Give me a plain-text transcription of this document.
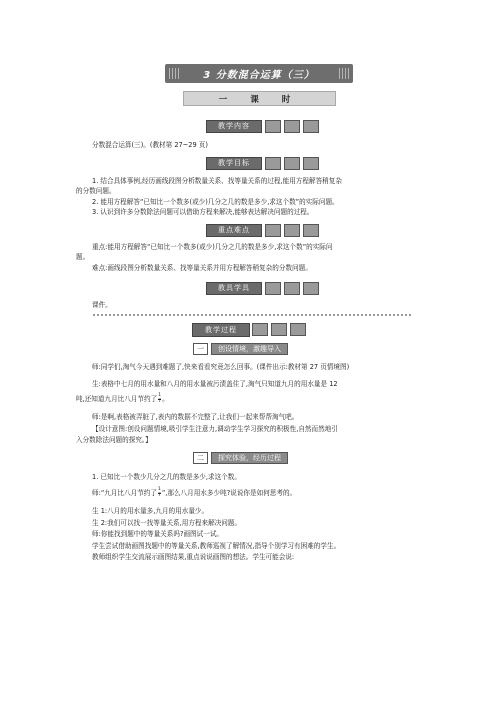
3 分数混合运算（三）
一 课 时
教学内容
分数混合运算(三)。(教材第 27~29 页)
教学目标
1. 结合具体事例,经历画线段图分析数量关系、找等量关系的过程,能用方程解答稍复杂
的分数问题。
2. 能用方程解答“已知比一个数多(或少)几分之几的数是多少,求这个数”的实际问题。
3. 认识到许多分数除法问题可以借助方程来解决,能够表达解决问题的过程。
重点难点
重点:能用方程解答“已知比一个数多(或少)几分之几的数是多少,求这个数”的实际问
题。
难点:画线段图分析数量关系、找等量关系并用方程解答稍复杂的分数问题。
教具学具
课件。
教学过程
一	创设情境，激趣导入
师:同学们,淘气今天遇到难题了,快来看看究竟怎么回事。(课件出示:教材第 27 页情境图)
生:表格中七月的用水量和八月的用水量被污渍盖住了,淘气只知道九月的用水量是 12
吨,还知道九月比八月节约了 $\frac{1}{7}$ 。
师:是啊,表格被弄脏了,表内的数据不完整了,让我们一起来帮帮淘气吧。
【设计意图:创设问题情境,吸引学生注意力,调动学生学习探究的积极性,自然而然地引
入分数除法问题的探究。】
二	探究体验，经历过程
1. 已知比一个数少几分之几的数是多少,求这个数。
师:“九月比八月节约了 $\frac{1}{7}$ ”,那么八月用水多少吨?说说你是如何思考的。
生 1:八月的用水量多,九月的用水量少。
生 2:我们可以找一找等量关系,用方程来解决问题。
师:你能找到题中的等量关系吗?画图试一试。
学生尝试借助画图找题中的等量关系,教师巡视了解情况,指导个别学习有困难的学生。
教师组织学生交流展示画图结果,重点说说画图的想法。学生可能会说:
